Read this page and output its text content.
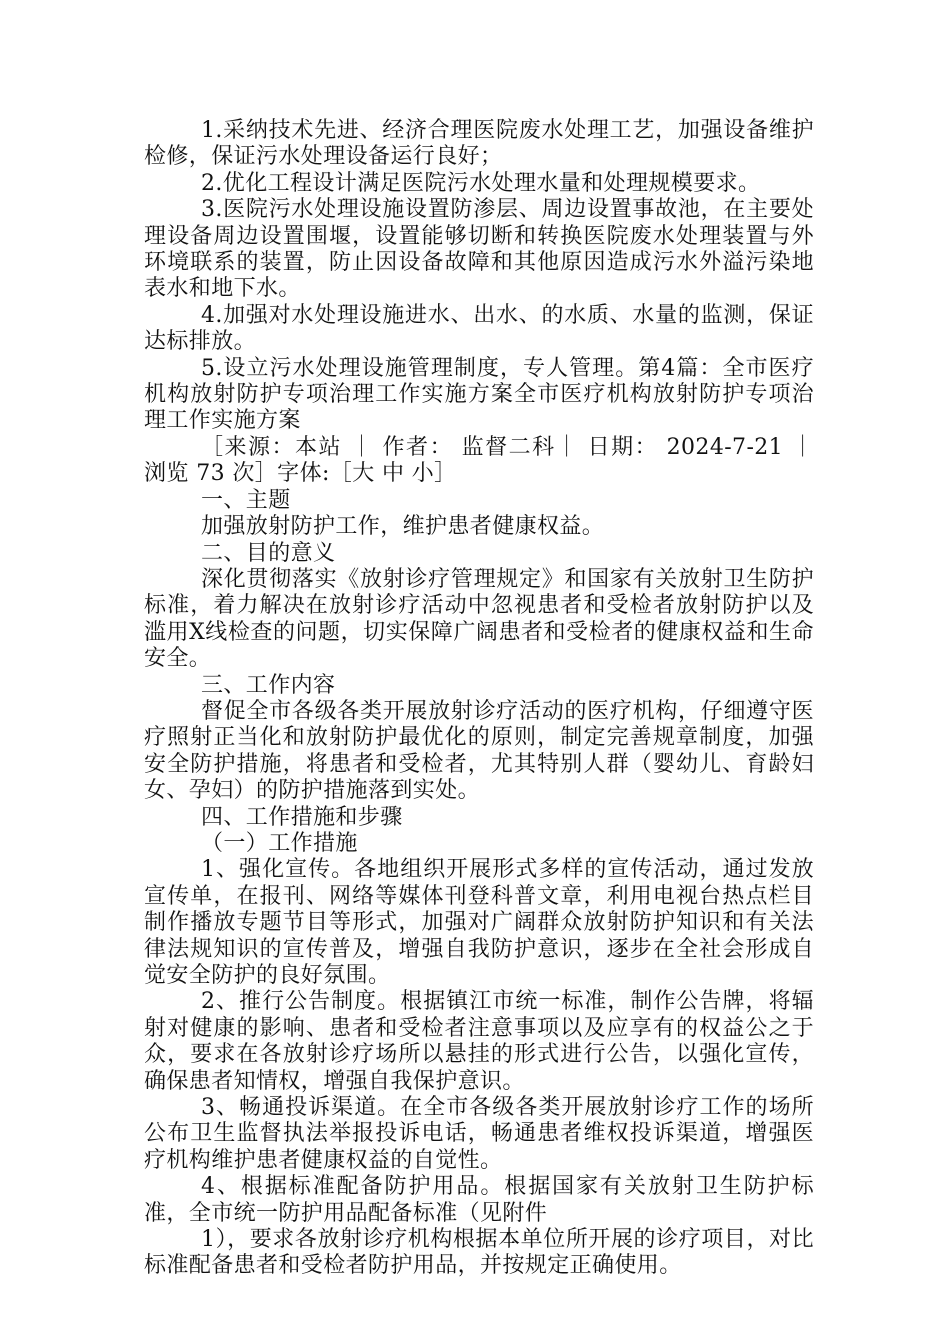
1.采纳技术先进、经济合理医院废水处理工艺，加强设备维护检修，保证污水处理设备运行良好；

2.优化工程设计满足医院污水处理水量和处理规模要求。

3.医院污水处理设施设置防渗层、周边设置事故池，在主要处理设备周边设置围堰，设置能够切断和转换医院废水处理装置与外环境联系的装置，防止因设备故障和其他原因造成污水外溢污染地表水和地下水。

4.加强对水处理设施进水、出水、的水质、水量的监测，保证达标排放。

5.设立污水处理设施管理制度，专人管理。第4篇：全市医疗机构放射防护专项治理工作实施方案全市医疗机构放射防护专项治理工作实施方案

［来源：本站 ｜ 作者： 监督二科｜ 日期： 2024-7-21 ｜ 浏览 73 次］字体:［大 中 小］

一、主题

加强放射防护工作，维护患者健康权益。

二、目的意义

深化贯彻落实《放射诊疗管理规定》和国家有关放射卫生防护标准，着力解决在放射诊疗活动中忽视患者和受检者放射防护以及滥用X线检查的问题，切实保障广阔患者和受检者的健康权益和生命安全。

三、工作内容

督促全市各级各类开展放射诊疗活动的医疗机构，仔细遵守医疗照射正当化和放射防护最优化的原则，制定完善规章制度，加强安全防护措施，将患者和受检者，尤其特别人群（婴幼儿、育龄妇女、孕妇）的防护措施落到实处。

四、工作措施和步骤

（一）工作措施

1、强化宣传。各地组织开展形式多样的宣传活动，通过发放宣传单，在报刊、网络等媒体刊登科普文章，利用电视台热点栏目制作播放专题节目等形式，加强对广阔群众放射防护知识和有关法律法规知识的宣传普及，增强自我防护意识，逐步在全社会形成自觉安全防护的良好氛围。

2、推行公告制度。根据镇江市统一标准，制作公告牌，将辐射对健康的影响、患者和受检者注意事项以及应享有的权益公之于众，要求在各放射诊疗场所以悬挂的形式进行公告，以强化宣传，确保患者知情权，增强自我保护意识。

3、畅通投诉渠道。在全市各级各类开展放射诊疗工作的场所公布卫生监督执法举报投诉电话，畅通患者维权投诉渠道，增强医疗机构维护患者健康权益的自觉性。

4、根据标准配备防护用品。根据国家有关放射卫生防护标准，全市统一防护用品配备标准（见附件

1），要求各放射诊疗机构根据本单位所开展的诊疗项目，对比标准配备患者和受检者防护用品，并按规定正确使用。
